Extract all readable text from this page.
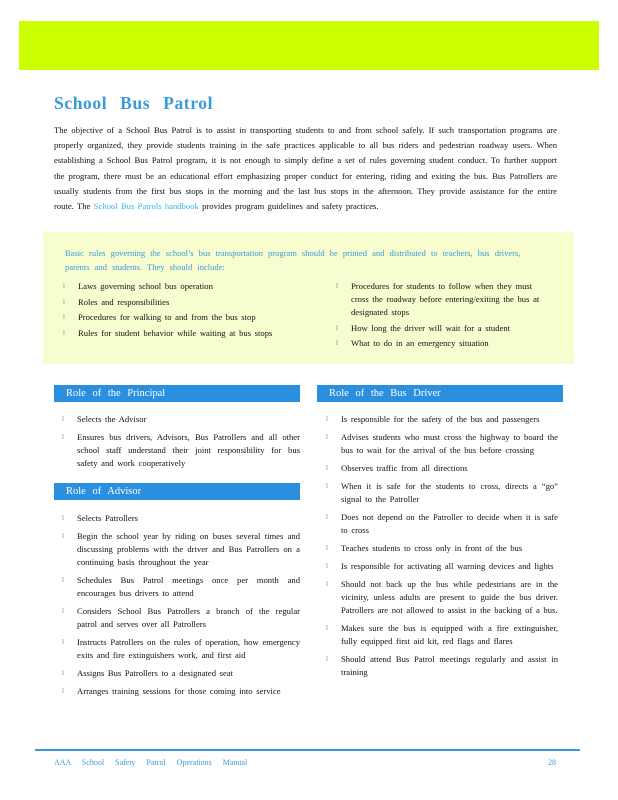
School Bus Patrol
The objective of a School Bus Patrol is to assist in transporting students to and from school safely. If such transportation programs are properly organized, they provide students training in the safe practices applicable to all bus riders and pedestrian roadway users. When establishing a School Bus Patrol program, it is not enough to simply define a set of rules governing student conduct. To further support the program, there must be an educational effort emphasizing proper conduct for entering, riding and exiting the bus. Bus Patrollers are usually students from the first bus stops in the morning and the last bus stops in the afternoon. They provide assistance for the entire route. The School Bus Patrols handbook provides program guidelines and safety practices.
Basic rules governing the school’s bus transportation program should be printed and distributed to teachers, bus drivers, parents and students. They should include:
l Laws governing school bus operation
l Roles and responsibilities
l Procedures for walking to and from the bus stop
l Rules for student behavior while waiting at bus stops
l Procedures for students to follow when they must cross the roadway before entering/exiting the bus at designated stops
l How long the driver will wait for a student
l What to do in an emergency situation
Role of the Principal
l Selects the Advisor
l Ensures bus drivers, Advisors, Bus Patrollers and all other school staff understand their joint responsibility for bus safety and work cooperatively
Role of Advisor
l Selects Patrollers
l Begin the school year by riding on buses several times and discussing problems with the driver and Bus Patrollers on a continuing basis throughout the year
l Schedules Bus Patrol meetings once per month and encourages bus drivers to attend
l Considers School Bus Patrollers a branch of the regular patrol and serves over all Patrollers
l Instructs Patrollers on the rules of operation, how emergency exits and fire extinguishers work, and first aid
l Assigns Bus Patrollers to a designated seat
l Arranges training sessions for those coming into service
Role of the Bus Driver
l Is responsible for the safety of the bus and passengers
l Advises students who must cross the highway to board the bus to wait for the arrival of the bus before crossing
l Observes traffic from all directions
l When it is safe for the students to cross, directs a “go” signal to the Patroller
l Does not depend on the Patroller to decide when it is safe to cross
l Teaches students to cross only in front of the bus
l Is responsible for activating all warning devices and lights
l Should not back up the bus while pedestrians are in the vicinity, unless adults are present to guide the bus driver. Patrollers are not allowed to assist in the backing of a bus.
l Makes sure the bus is equipped with a fire extinguisher, fully equipped first aid kit, red flags and flares
l Should attend Bus Patrol meetings regularly and assist in training
AAA School Safety Patrol Operations Manual	28
